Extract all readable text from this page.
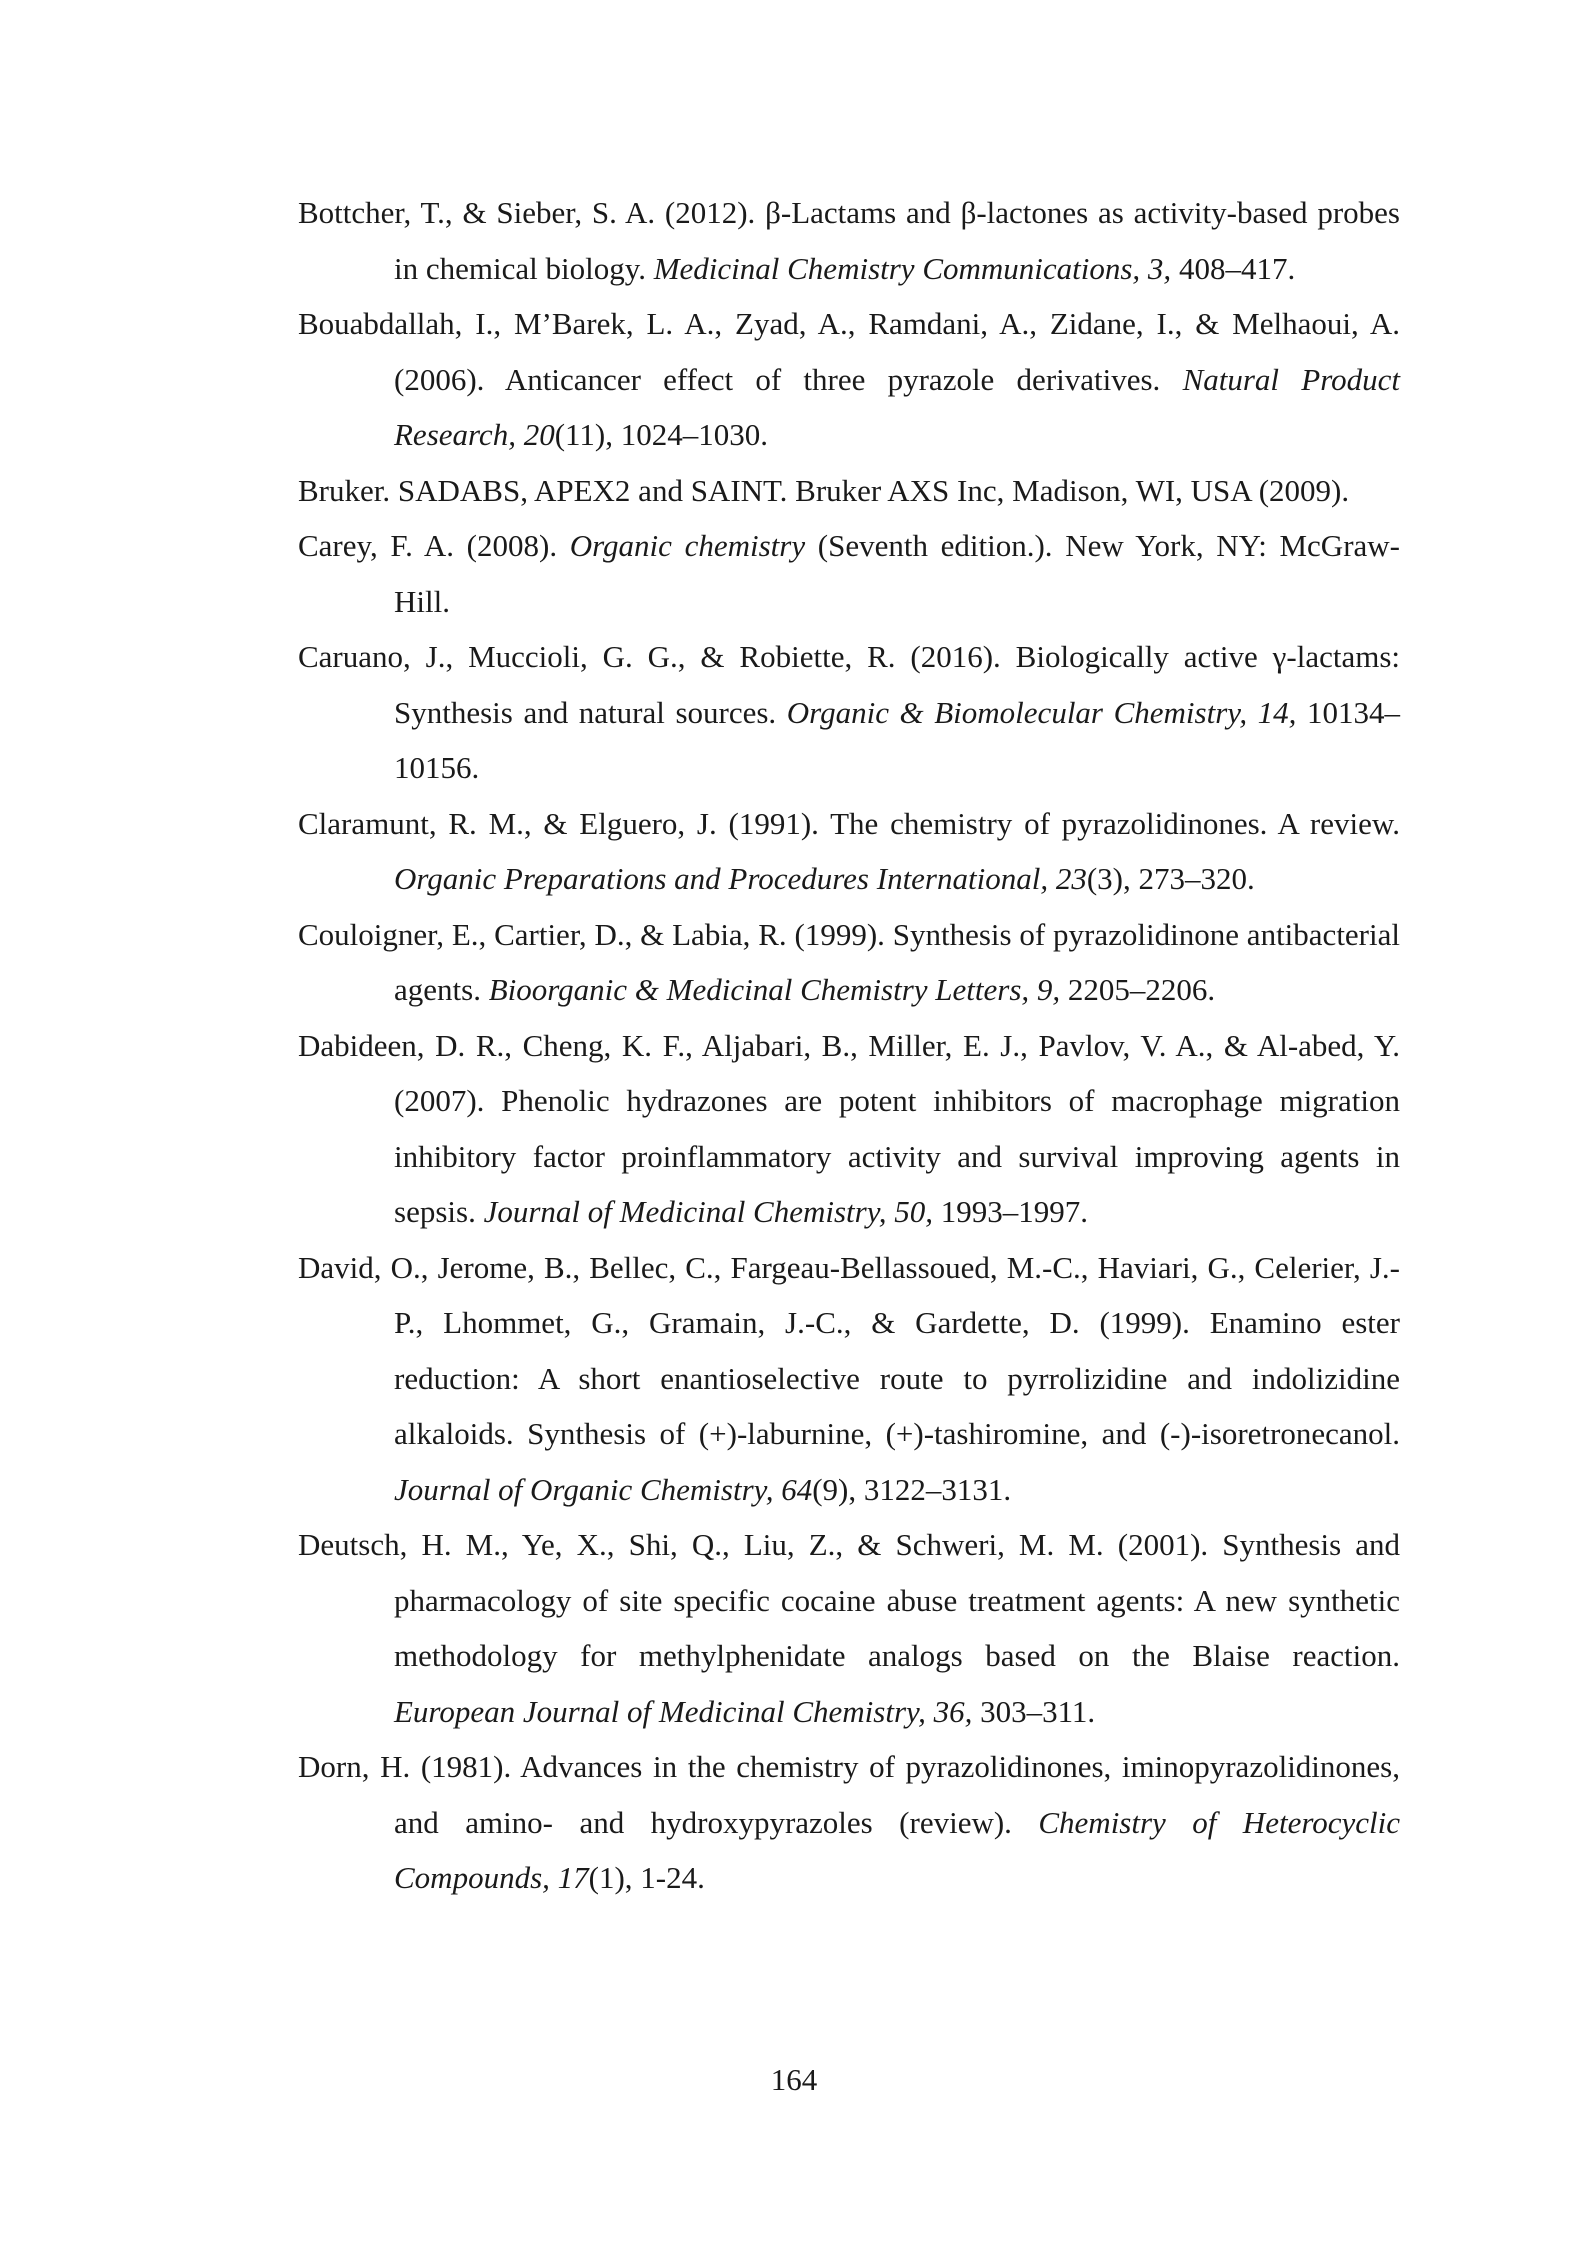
Bottcher, T., & Sieber, S. A. (2012). β-Lactams and β-lactones as activity-based probes in chemical biology. Medicinal Chemistry Communications, 3, 408–417.

Bouabdallah, I., M’Barek, L. A., Zyad, A., Ramdani, A., Zidane, I., & Melhaoui, A. (2006). Anticancer effect of three pyrazole derivatives. Natural Product Research, 20(11), 1024–1030.

Bruker. SADABS, APEX2 and SAINT. Bruker AXS Inc, Madison, WI, USA (2009).

Carey, F. A. (2008). Organic chemistry (Seventh edition.). New York, NY: McGraw-Hill.

Caruano, J., Muccioli, G. G., & Robiette, R. (2016). Biologically active γ-lactams: Synthesis and natural sources. Organic & Biomolecular Chemistry, 14, 10134–10156.

Claramunt, R. M., & Elguero, J. (1991). The chemistry of pyrazolidinones. A review. Organic Preparations and Procedures International, 23(3), 273–320.

Couloigner, E., Cartier, D., & Labia, R. (1999). Synthesis of pyrazolidinone antibacterial agents. Bioorganic & Medicinal Chemistry Letters, 9, 2205–2206.

Dabideen, D. R., Cheng, K. F., Aljabari, B., Miller, E. J., Pavlov, V. A., & Al-abed, Y. (2007). Phenolic hydrazones are potent inhibitors of macrophage migration inhibitory factor proinflammatory activity and survival improving agents in sepsis. Journal of Medicinal Chemistry, 50, 1993–1997.

David, O., Jerome, B., Bellec, C., Fargeau-Bellassoued, M.-C., Haviari, G., Celerier, J.-P., Lhommet, G., Gramain, J.-C., & Gardette, D. (1999). Enamino ester reduction: A short enantioselective route to pyrrolizidine and indolizidine alkaloids. Synthesis of (+)-laburnine, (+)-tashiromine, and (-)-isoretronecanol. Journal of Organic Chemistry, 64(9), 3122–3131.

Deutsch, H. M., Ye, X., Shi, Q., Liu, Z., & Schweri, M. M. (2001). Synthesis and pharmacology of site specific cocaine abuse treatment agents: A new synthetic methodology for methylphenidate analogs based on the Blaise reaction. European Journal of Medicinal Chemistry, 36, 303–311.

Dorn, H. (1981). Advances in the chemistry of pyrazolidinones, iminopyrazolidinones, and amino- and hydroxypyrazoles (review). Chemistry of Heterocyclic Compounds, 17(1), 1-24.

164
